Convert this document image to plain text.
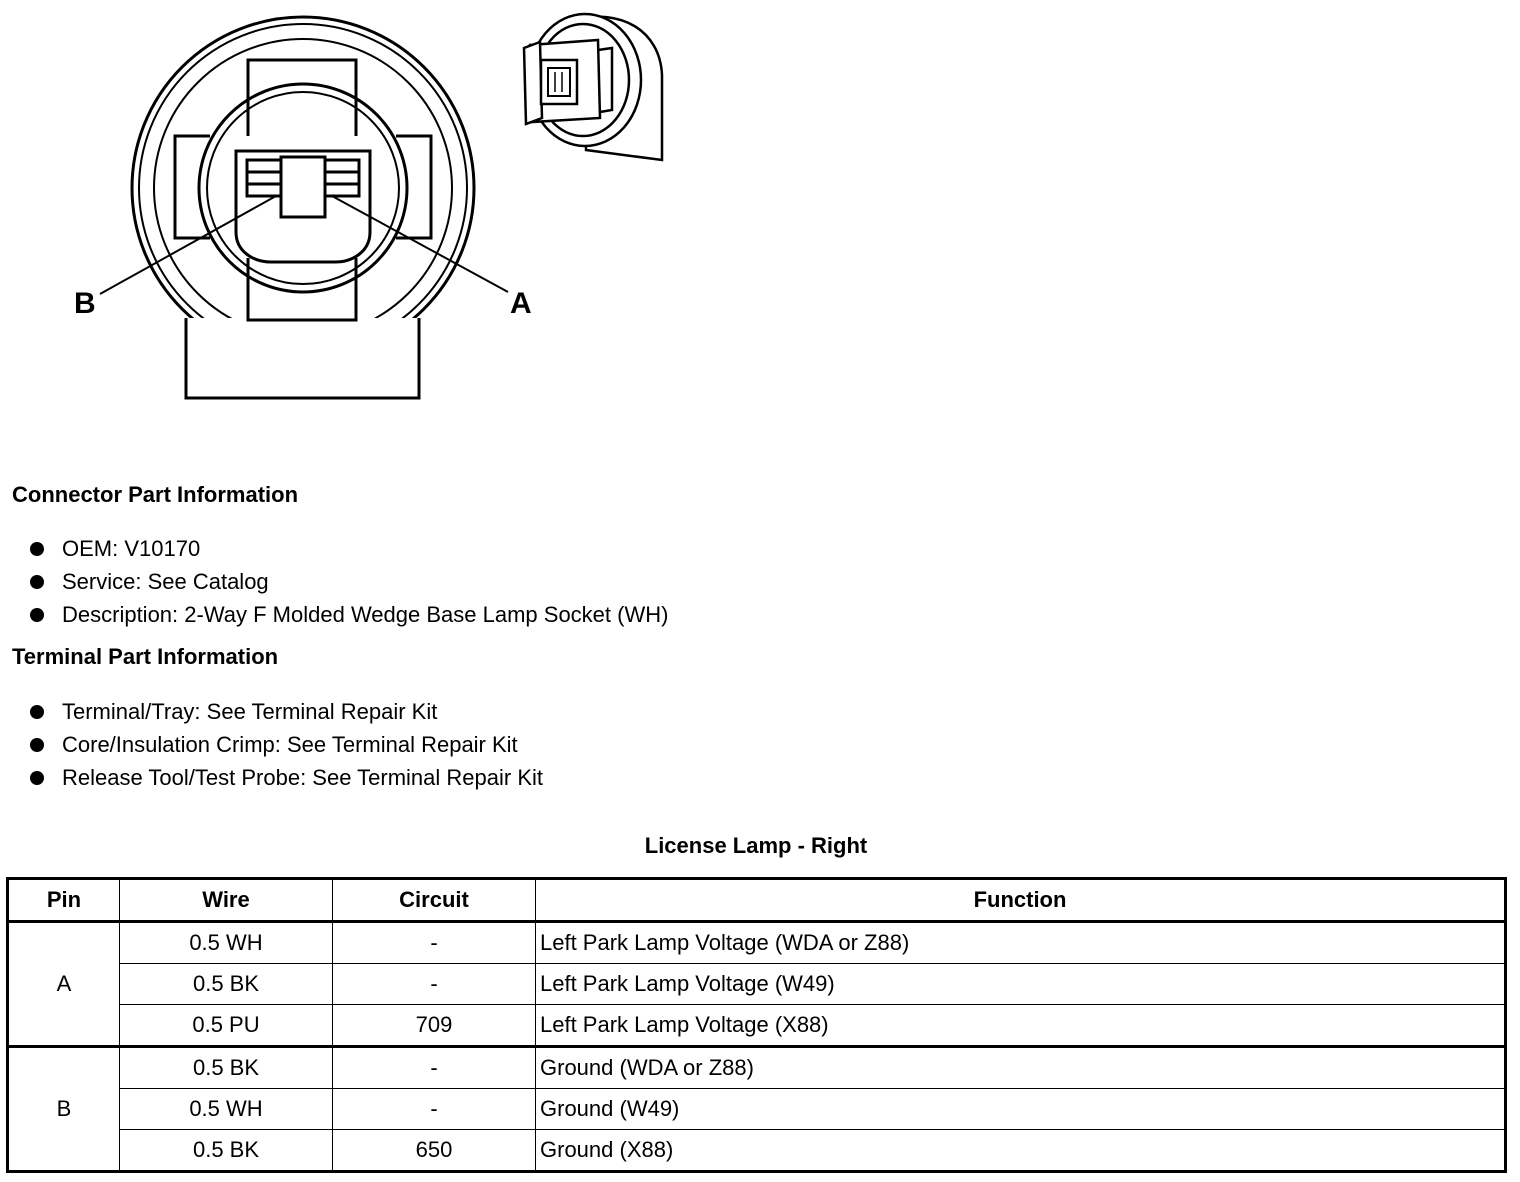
B	A
Connector Part Information
OEM: V10170
Service: See Catalog
Description: 2-Way F Molded Wedge Base Lamp Socket (WH)
Terminal Part Information
Terminal/Tray: See Terminal Repair Kit
Core/Insulation Crimp: See Terminal Repair Kit
Release Tool/Test Probe: See Terminal Repair Kit
License Lamp - Right
Pin	Wire	Circuit	Function
A	0.5 WH	-	Left Park Lamp Voltage (WDA or Z88)
	0.5 BK	-	Left Park Lamp Voltage (W49)
	0.5 PU	709	Left Park Lamp Voltage (X88)
B	0.5 BK	-	Ground (WDA or Z88)
	0.5 WH	-	Ground (W49)
	0.5 BK	650	Ground (X88)
